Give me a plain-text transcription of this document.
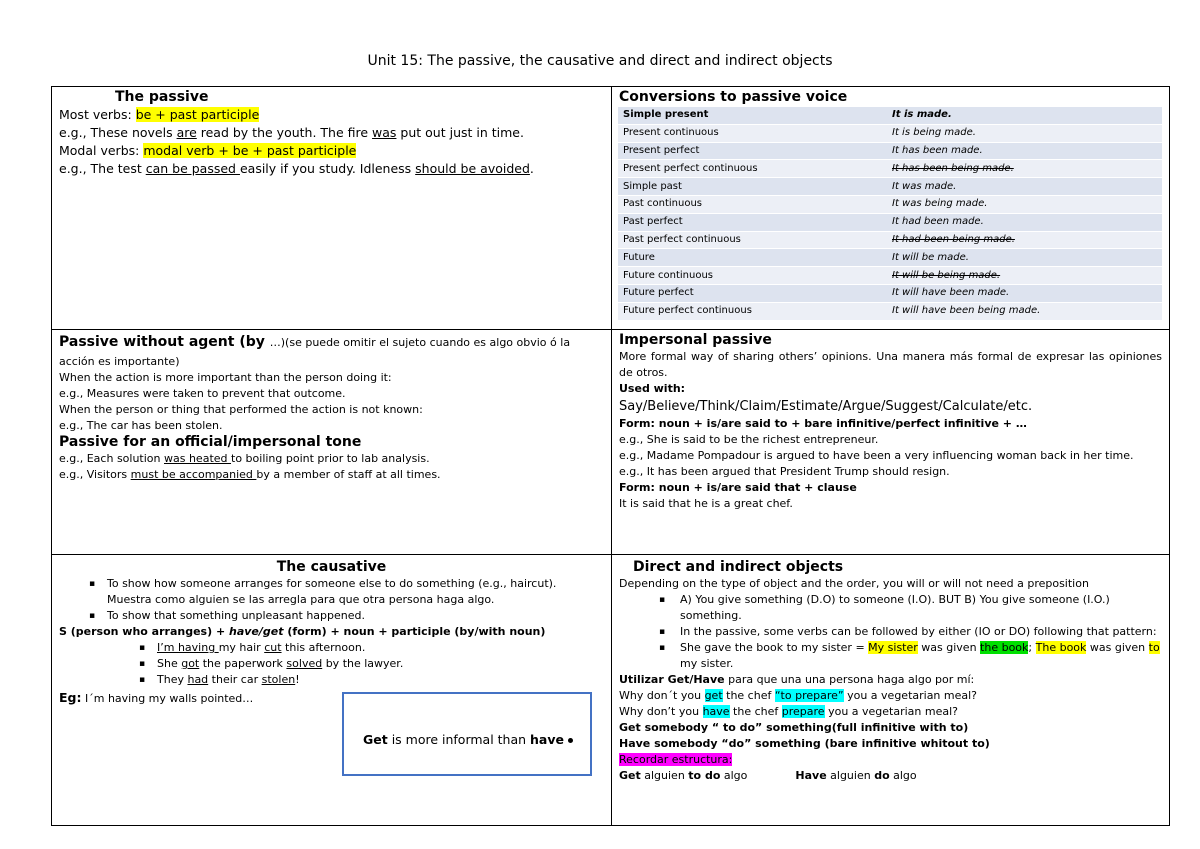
Unit 15: The passive, the causative and direct and indirect objects
The passive
Most verbs: be + past participle
e.g., These novels are read by the youth. The fire was put out just in time.
Modal verbs: modal verb + be + past participle
e.g., The test can be passed easily if you study. Idleness should be avoided.

Conversions to passive voice
Simple present	It is made.
Present continuous	It is being made.
Present perfect	It has been made.
Present perfect continuous	It has been being made.
Simple past	It was made.
Past continuous	It was being made.
Past perfect	It had been made.
Past perfect continuous	It had been being made.
Future	It will be made.
Future continuous	It will be being made.
Future perfect	It will have been made.
Future perfect continuous	It will have been being made.

Passive without agent (by …)(se puede omitir el sujeto cuando es algo obvio ó la acción es importante)
When the action is more important than the person doing it:
e.g., Measures were taken to prevent that outcome.
When the person or thing that performed the action is not known:
e.g., The car has been stolen.
Passive for an official/impersonal tone
e.g., Each solution was heated to boiling point prior to lab analysis.
e.g., Visitors must be accompanied by a member of staff at all times.

Impersonal passive
More formal way of sharing others’ opinions. Una manera más formal de expresar las opiniones de otros.
Used with:
Say/Believe/Think/Claim/Estimate/Argue/Suggest/Calculate/etc.
Form: noun + is/are said to + bare infinitive/perfect infinitive + …
e.g., She is said to be the richest entrepreneur.
e.g., Madame Pompadour is argued to have been a very influencing woman back in her time.
e.g., It has been argued that President Trump should resign.
Form: noun + is/are said that + clause
It is said that he is a great chef.

The causative
▪ To show how someone arranges for someone else to do something (e.g., haircut). Muestra como alguien se las arregla para que otra persona haga algo.
▪ To show that something unpleasant happened.
S (person who arranges) + have/get (form) + noun + participle (by/with noun)
▪ I’m having my hair cut this afternoon.
▪ She got the paperwork solved by the lawyer.
▪ They had their car stolen!
Eg: I´m having my walls pointed…

Direct and indirect objects
Depending on the type of object and the order, you will or will not need a preposition
▪ A) You give something (D.O) to someone (I.O). BUT B) You give someone (I.O.) something.
▪ In the passive, some verbs can be followed by either (IO or DO) following that pattern:
▪ She gave the book to my sister = My sister was given the book; The book was given to my sister.
Utilizar Get/Have para que una una persona haga algo por mí:
Why don´t you get the chef “to prepare” you a vegetarian meal?
Why don’t you have the chef prepare you a vegetarian meal?
Get somebody “ to do” something(full infinitive with to)
Have somebody “do” something (bare infinitive whitout to)
Recordar estructura:
Get alguien to do algo	Have alguien do algo
Get is more informal than have
